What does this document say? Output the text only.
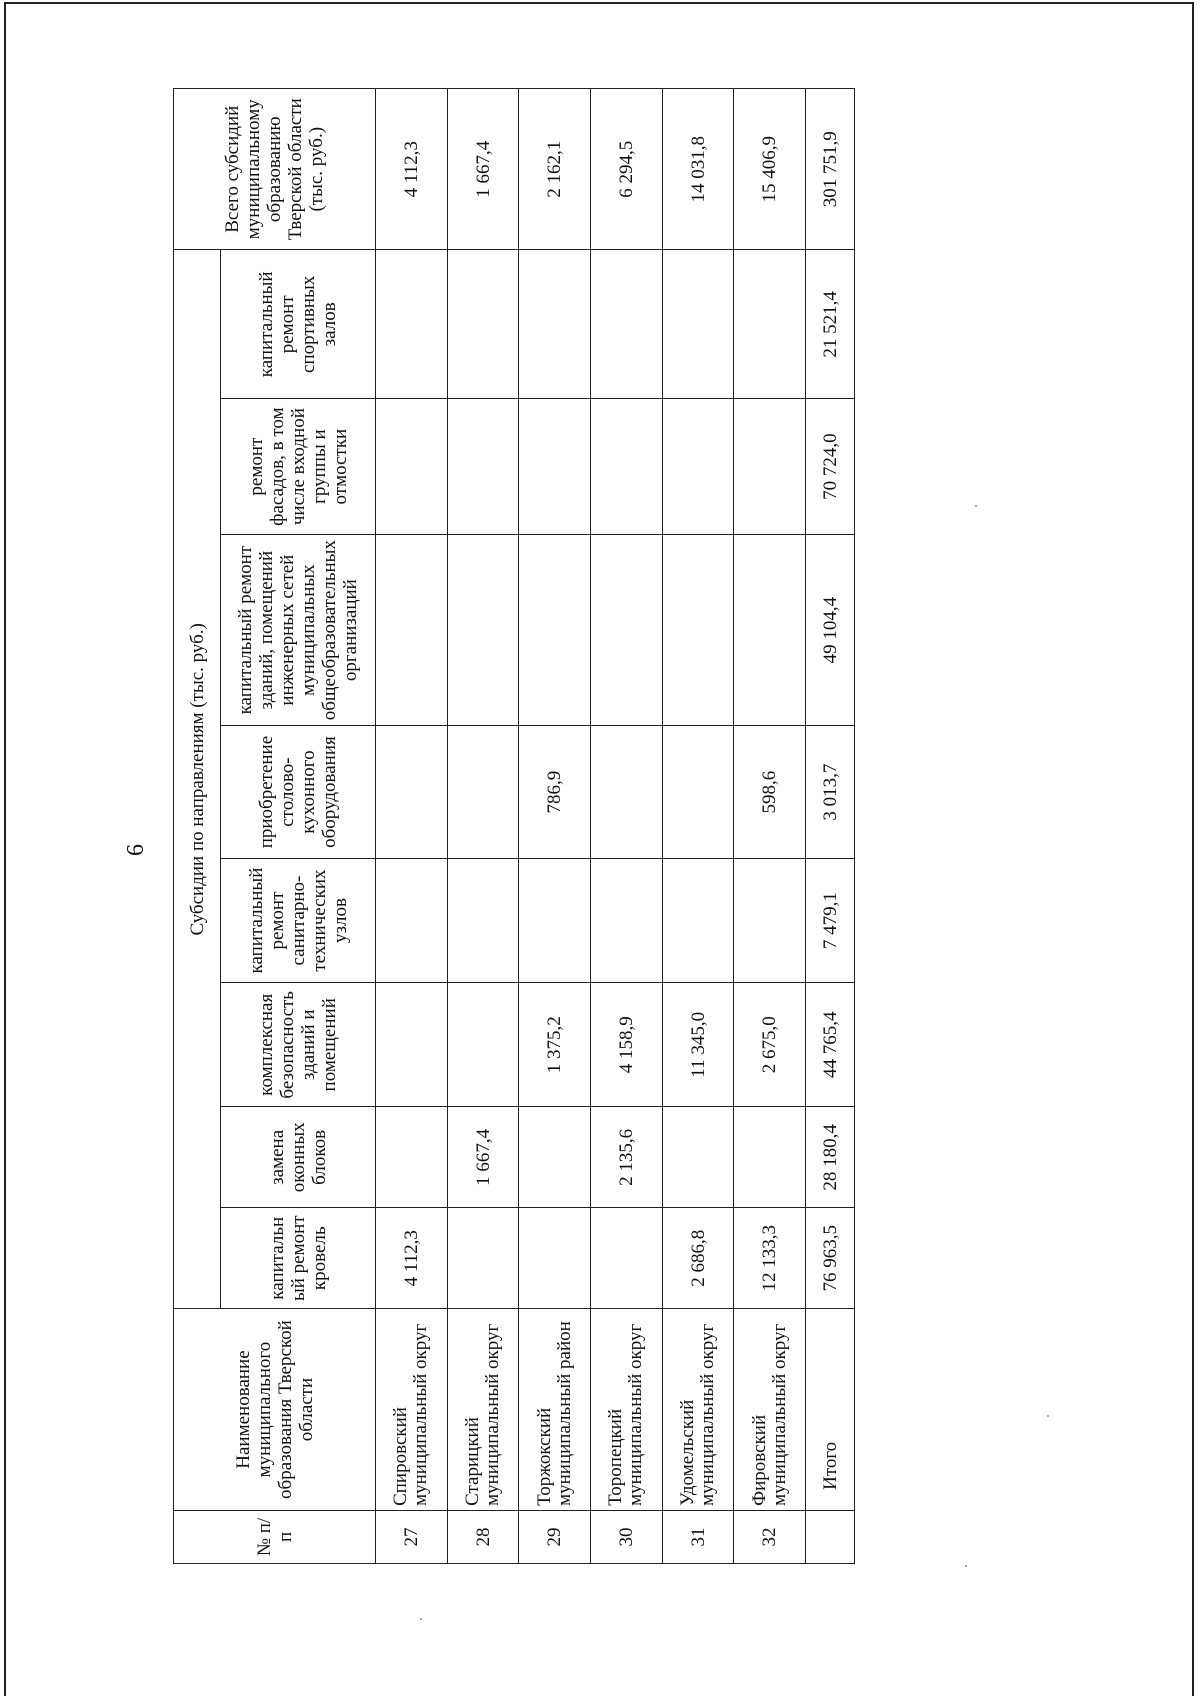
6
№ п/п	Наименование муниципального образования Тверской области	Субсидии по направлениям (тыс. руб.)								Всего субсидий муниципальному образованию Тверской области (тыс. руб.)
		капитальный ремонт кровель	замена оконных блоков	комплексная безопасность зданий и помещений	капитальный ремонт санитарно-технических узлов	приобретение столово-кухонного оборудования	капитальный ремонт зданий, помещений инженерных сетей муниципальных общеобразовательных организаций	ремонт фасадов, в том числе входной группы и отмостки	капитальный ремонт спортивных залов	
27	Спировский муниципальный округ	4 112,3								4 112,3
28	Старицкий муниципальный округ		1 667,4							1 667,4
29	Торжокский муниципальный район			1 375,2		786,9				2 162,1
30	Торопецкий муниципальный округ		2 135,6	4 158,9						6 294,5
31	Удомельский муниципальный округ	2 686,8		11 345,0						14 031,8
32	Фировский муниципальный округ	12 133,3		2 675,0		598,6				15 406,9
	Итого	76 963,5	28 180,4	44 765,4	7 479,1	3 013,7	49 104,4	70 724,0	21 521,4	301 751,9
